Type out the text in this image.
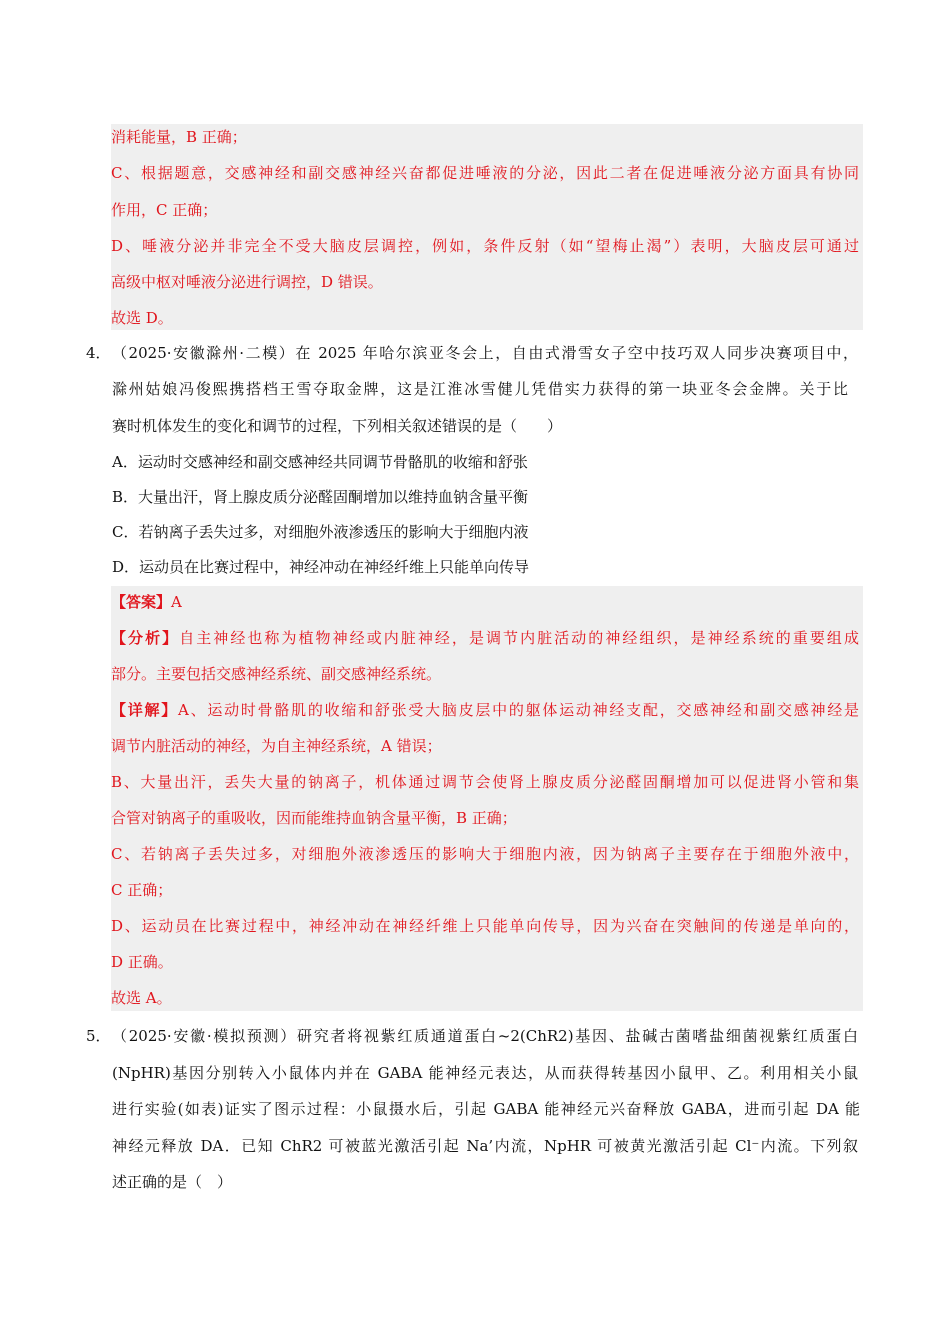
消耗能量，B 正确；
C、根据题意，交感神经和副交感神经兴奋都促进唾液的分泌，因此二者在促进唾液分泌方面具有协同
作用，C 正确；
D、唾液分泌并非完全不受大脑皮层调控，例如，条件反射（如“望梅止渴”）表明，大脑皮层可通过
高级中枢对唾液分泌进行调控，D 错误。
故选 D。
4． （2025·安徽滁州·二模）在 2025 年哈尔滨亚冬会上，自由式滑雪女子空中技巧双人同步决赛项目中，
滁州姑娘冯俊熙携搭档王雪夺取金牌，这是江淮冰雪健儿凭借实力获得的第一块亚冬会金牌。关于比
赛时机体发生的变化和调节的过程，下列相关叙述错误的是（　　）
A．运动时交感神经和副交感神经共同调节骨骼肌的收缩和舒张
B．大量出汗，肾上腺皮质分泌醛固酮增加以维持血钠含量平衡
C．若钠离子丢失过多，对细胞外液渗透压的影响大于细胞内液
D．运动员在比赛过程中，神经冲动在神经纤维上只能单向传导
【答案】A
【分析】自主神经也称为植物神经或内脏神经，是调节内脏活动的神经组织，是神经系统的重要组成
部分。主要包括交感神经系统、副交感神经系统。
【详解】A、运动时骨骼肌的收缩和舒张受大脑皮层中的躯体运动神经支配，交感神经和副交感神经是
调节内脏活动的神经，为自主神经系统，A 错误；
B、大量出汗，丢失大量的钠离子，机体通过调节会使肾上腺皮质分泌醛固酮增加可以促进肾小管和集
合管对钠离子的重吸收，因而能维持血钠含量平衡，B 正确；
C、若钠离子丢失过多，对细胞外液渗透压的影响大于细胞内液，因为钠离子主要存在于细胞外液中，
C 正确；
D、运动员在比赛过程中，神经冲动在神经纤维上只能单向传导，因为兴奋在突触间的传递是单向的，
D 正确。
故选 A。
5． （2025·安徽·模拟预测）研究者将视紫红质通道蛋白~2(ChR2)基因、盐碱古菌嗜盐细菌视紫红质蛋白
(NpHR)基因分别转入小鼠体内并在 GABA 能神经元表达，从而获得转基因小鼠甲、乙。利用相关小鼠
进行实验(如表)证实了图示过程：小鼠摄水后，引起 GABA 能神经元兴奋释放 GABA，进而引起 DA 能
神经元释放 DA．已知 ChR2 可被蓝光激活引起 Na’内流，NpHR 可被黄光激活引起 Cl⁻内流。下列叙
述正确的是（　）
